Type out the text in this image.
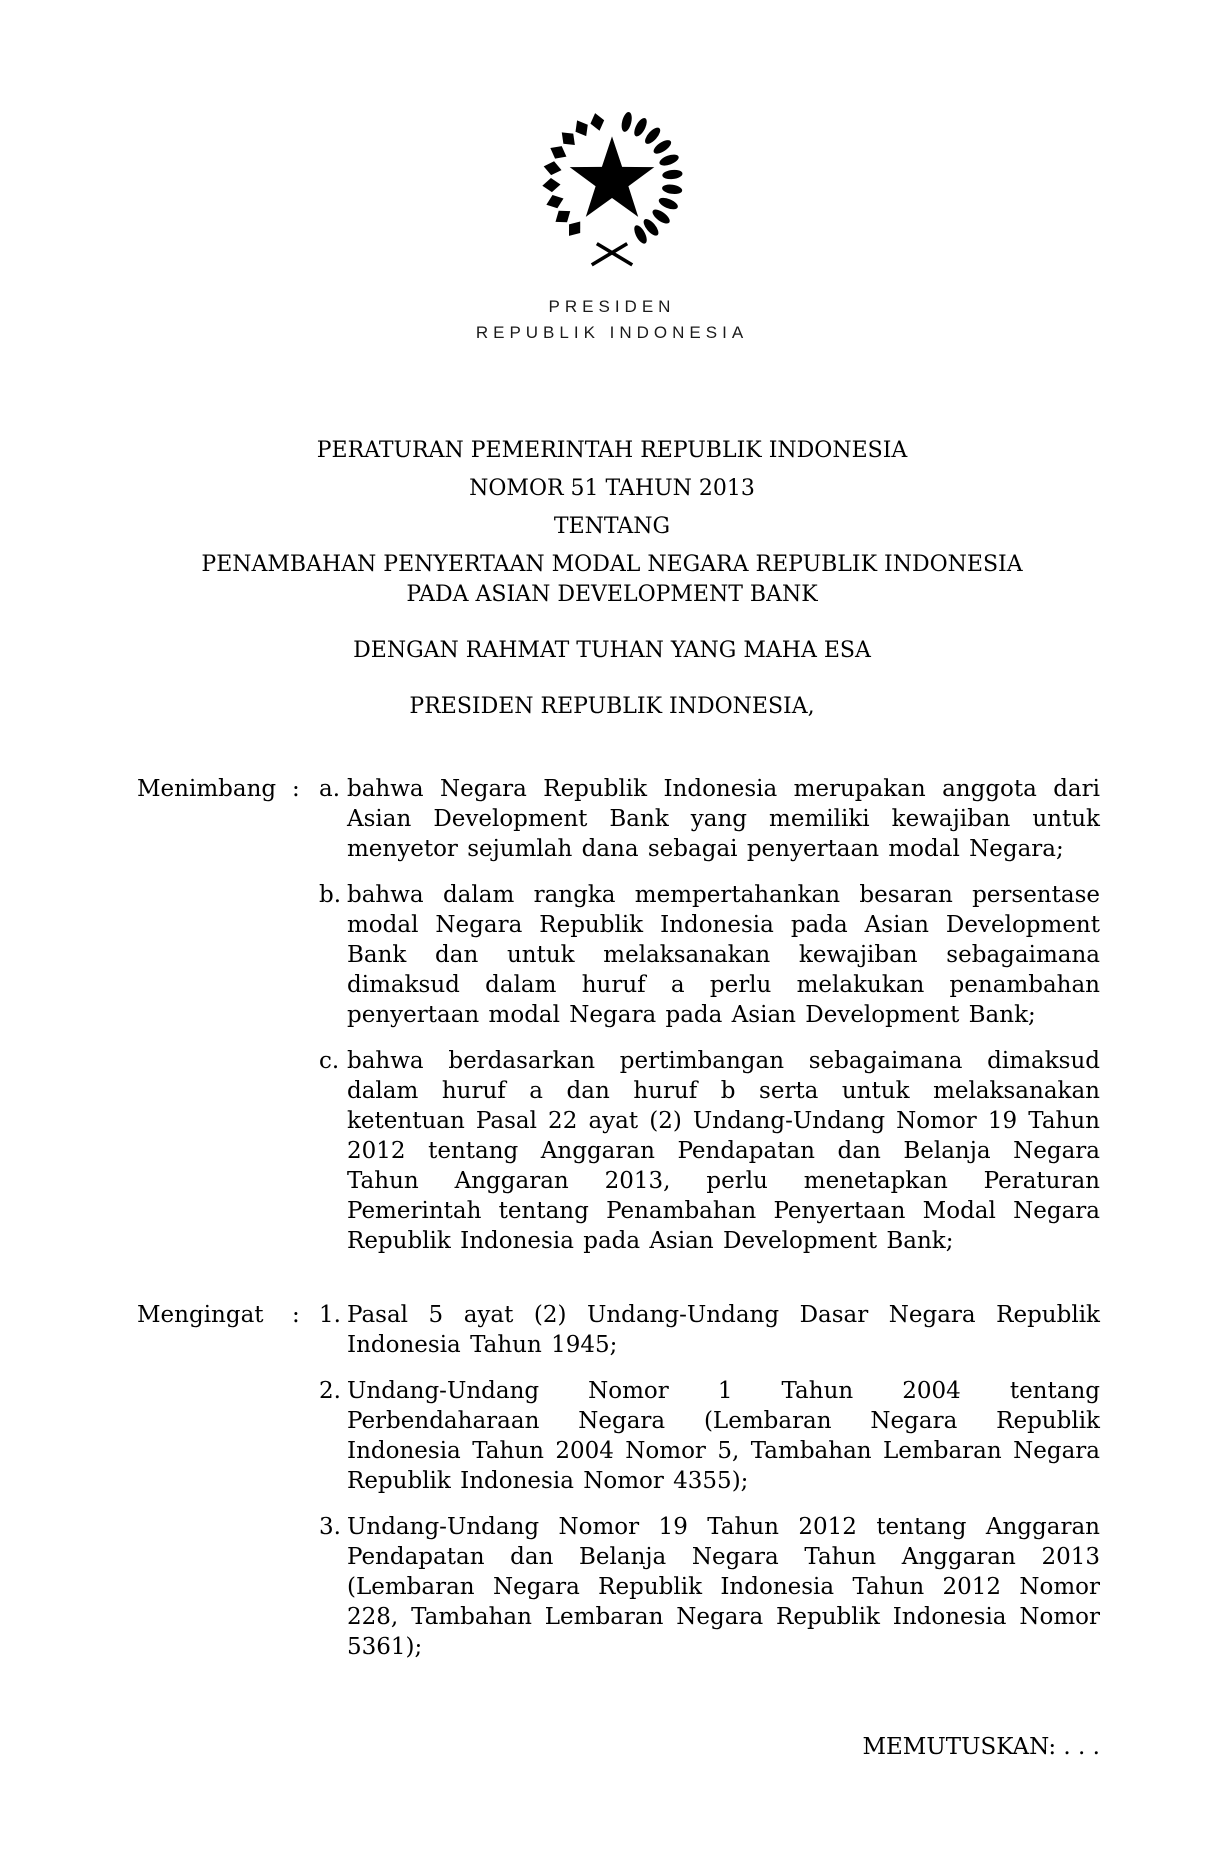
PRESIDEN
REPUBLIK INDONESIA
PERATURAN PEMERINTAH REPUBLIK INDONESIA
NOMOR 51 TAHUN 2013
TENTANG
PENAMBAHAN PENYERTAAN MODAL NEGARA REPUBLIK INDONESIA PADA ASIAN DEVELOPMENT BANK
DENGAN RAHMAT TUHAN YANG MAHA ESA
PRESIDEN REPUBLIK INDONESIA,
Menimbang : a. bahwa Negara Republik Indonesia merupakan anggota dari Asian Development Bank yang memiliki kewajiban untuk menyetor sejumlah dana sebagai penyertaan modal Negara;
b. bahwa dalam rangka mempertahankan besaran persentase modal Negara Republik Indonesia pada Asian Development Bank dan untuk melaksanakan kewajiban sebagaimana dimaksud dalam huruf a perlu melakukan penambahan penyertaan modal Negara pada Asian Development Bank;
c. bahwa berdasarkan pertimbangan sebagaimana dimaksud dalam huruf a dan huruf b serta untuk melaksanakan ketentuan Pasal 22 ayat (2) Undang-Undang Nomor 19 Tahun 2012 tentang Anggaran Pendapatan dan Belanja Negara Tahun Anggaran 2013, perlu menetapkan Peraturan Pemerintah tentang Penambahan Penyertaan Modal Negara Republik Indonesia pada Asian Development Bank;
Mengingat	: 1. Pasal 5 ayat (2) Undang-Undang Dasar Negara Republik Indonesia Tahun 1945;
2. Undang-Undang Nomor 1 Tahun 2004 tentang Perbendaharaan Negara (Lembaran Negara Republik Indonesia Tahun 2004 Nomor 5, Tambahan Lembaran Negara Republik Indonesia Nomor 4355);
3. Undang-Undang Nomor 19 Tahun 2012 tentang Anggaran Pendapatan dan Belanja Negara Tahun Anggaran 2013 (Lembaran Negara Republik Indonesia Tahun 2012 Nomor 228, Tambahan Lembaran Negara Republik Indonesia Nomor 5361);
MEMUTUSKAN: . . .
